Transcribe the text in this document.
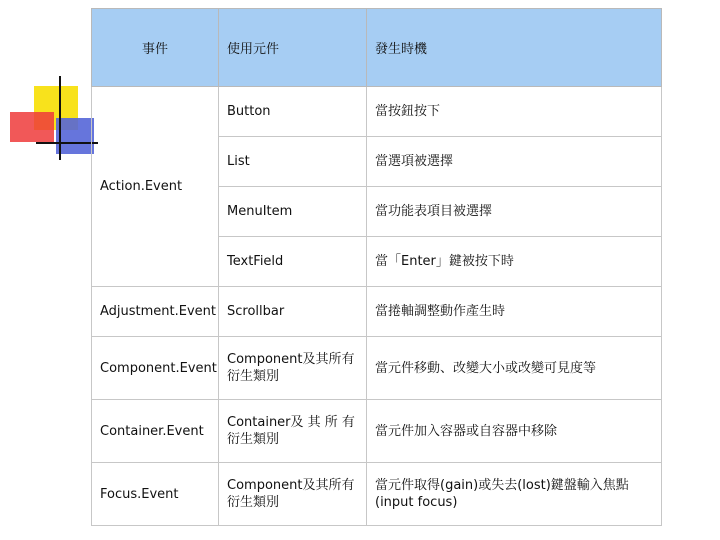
事件	使用元件	發生時機
Action.Event	Button	當按鈕按下
	List	當選項被選擇
	MenuItem	當功能表項目被選擇
	TextField	當「Enter」鍵被按下時
Adjustment.Event	Scrollbar	當捲軸調整動作產生時
Component.Event	Component及其所有衍生類別	當元件移動、改變大小或改變可見度等
Container.Event	Container及 其 所 有衍生類別	當元件加入容器或自容器中移除
Focus.Event	Component及其所有衍生類別	當元件取得(gain)或失去(lost)鍵盤輸入焦點(input focus)
